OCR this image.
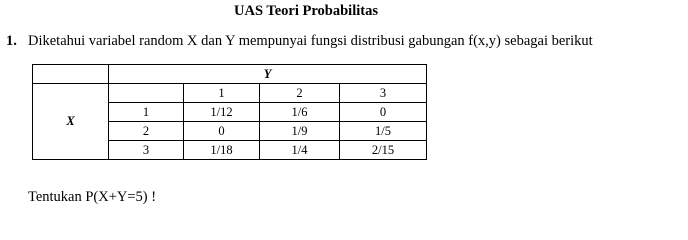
UAS Teori Probabilitas
1. Diketahui variabel random X dan Y mempunyai fungsi distribusi gabungan f(x,y) sebagai berikut
	Y			
X		1	2	3
	1	1/12	1/6	0
	2	0	1/9	1/5
	3	1/18	1/4	2/15
Tentukan P(X+Y=5) !
